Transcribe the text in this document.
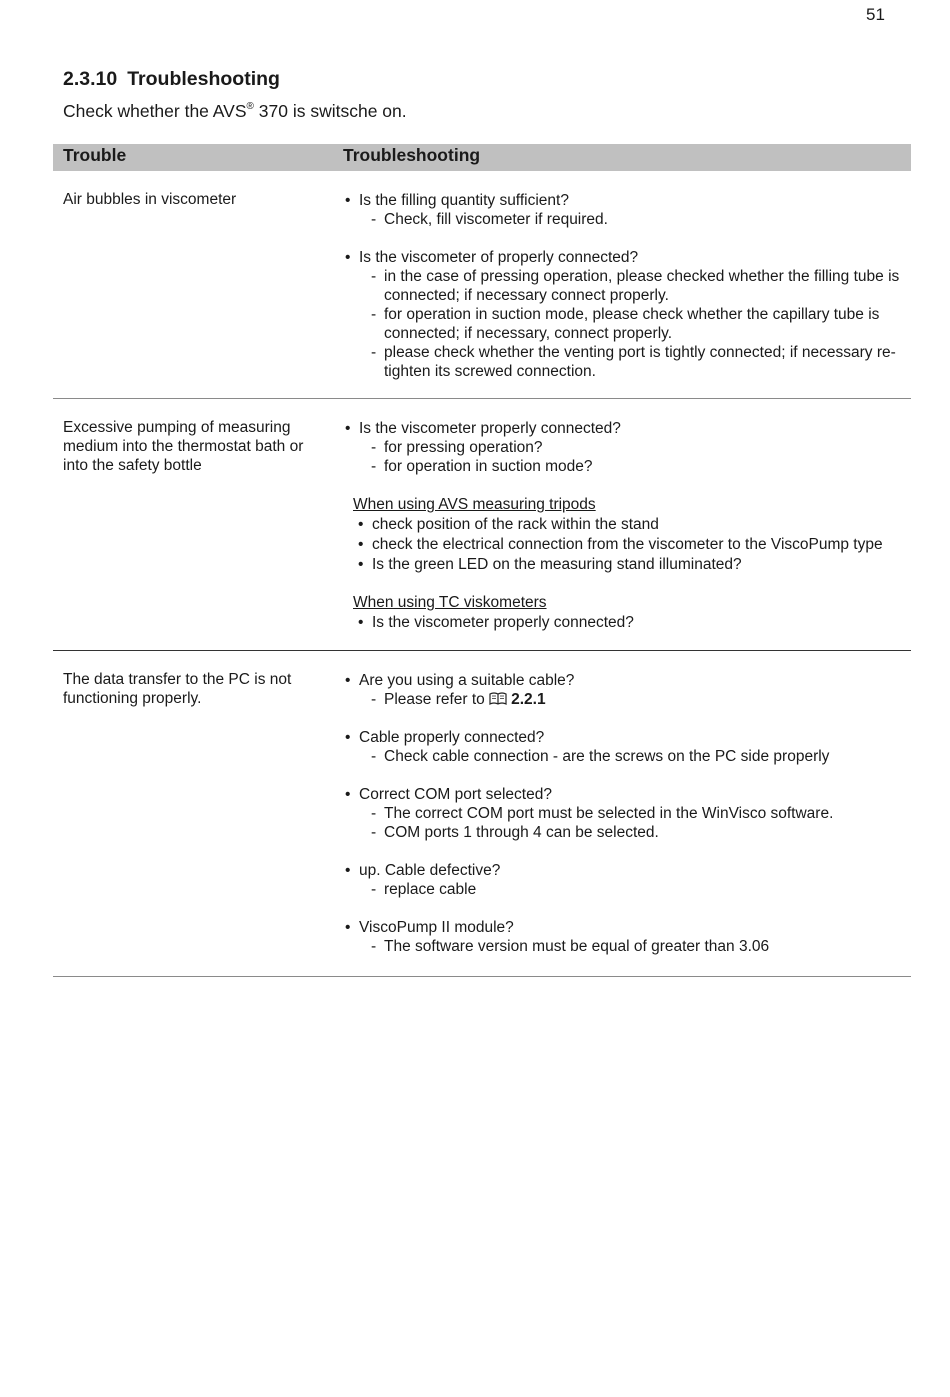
51
2.3.10 Troubleshooting
Check whether the AVS® 370 is switsche on.
Trouble	Troubleshooting
Air bubbles in viscometer
•	Is the filling quantity sufficient?
- Check, fill viscometer if required.
• Is the viscometer of properly connected?
- in the case of pressing operation, please checked whether the filling tube is connected; if necessary connect properly.
- for operation in suction mode, please check whether the capillary tube is connected; if necessary, connect properly.
- please check whether the venting port is tightly connected; if necessary re-tighten its screwed connection.
Excessive pumping of measuring medium into the thermostat bath or into the safety bottle
• Is the viscometer properly connected?
- for pressing operation?
- for operation in suction mode?
When using AVS measuring tripods
• check position of the rack within the stand
• check the electrical connection from the viscometer to the ViscoPump type
• Is the green LED on the measuring stand illuminated?
When using TC viskometers
• Is the viscometer properly connected?
The data transfer to the PC is not functioning properly.
• Are you using a suitable cable?
- Please refer to 2.2.1
• Cable properly connected?
- Check cable connection - are the screws on the PC side properly
• Correct COM port selected?
- The correct COM port must be selected in the WinVisco software.
- COM ports 1 through 4 can be selected.
• up. Cable defective?
- replace cable
• ViscoPump II module?
- The software version must be equal of greater than 3.06
